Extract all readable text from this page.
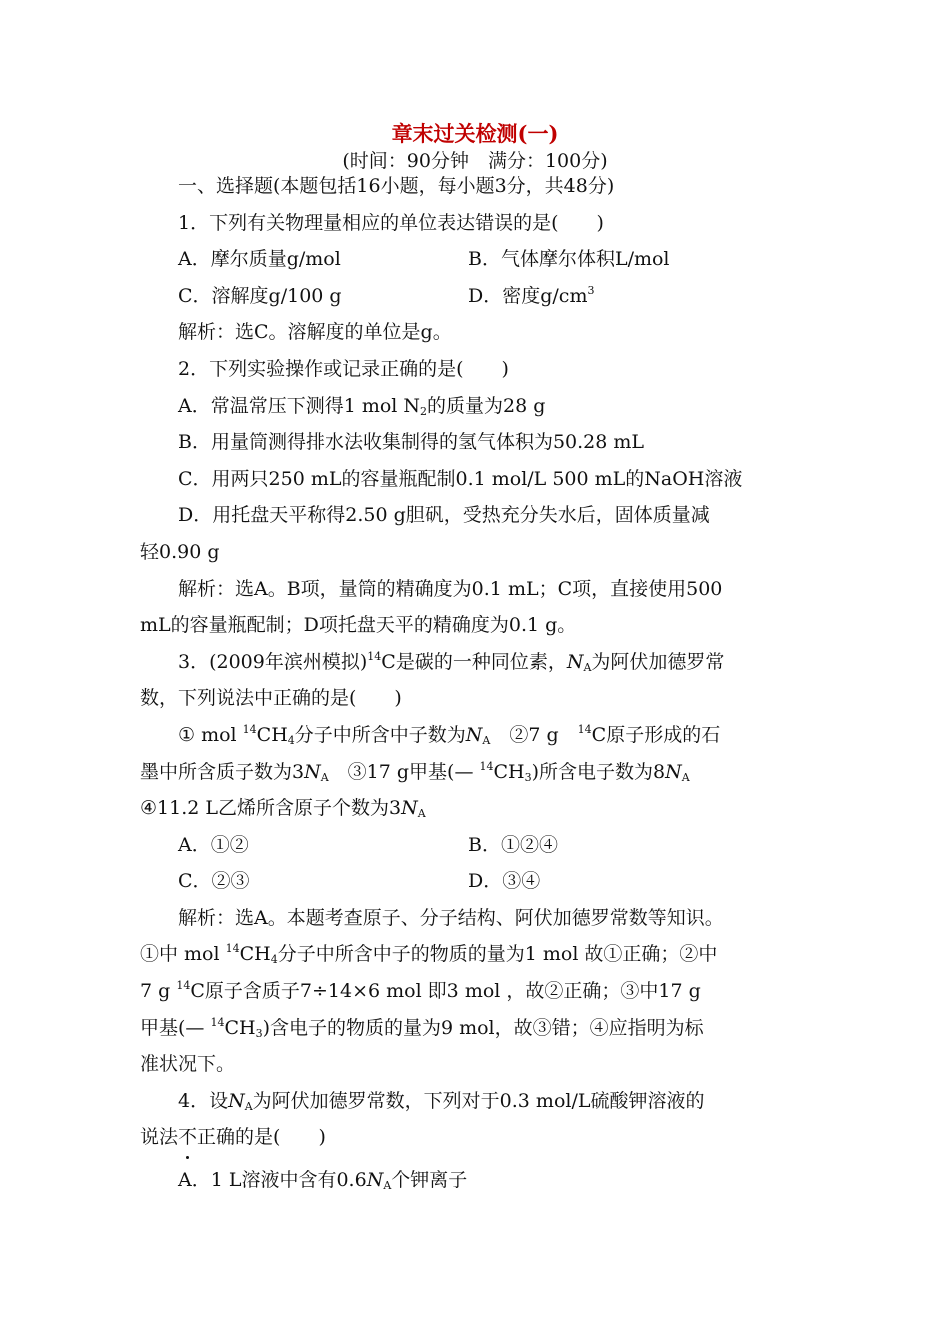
章末过关检测(一)
(时间：90分钟　满分：100分)

一、选择题(本题包括16小题，每小题3分，共48分)

1．下列有关物理量相应的单位表达错误的是(　　)

A．摩尔质量g/mol	B．气体摩尔体积L/mol
C．溶解度g/100 g	D．密度$g/cm^3$

解析：选C。溶解度的单位是g。

2．下列实验操作或记录正确的是(　　)

A．常温常压下测得1 mol $N_2$的质量为28 g

B．用量筒测得排水法收集制得的氢气体积为50.28 mL

C．用两只250 mL的容量瓶配制0.1 mol/L 500 mL的NaOH溶液

D．用托盘天平称得2.50 g胆矾，受热充分失水后，固体质量减

轻0.90 g

解析：选A。B项，量筒的精确度为0.1 mL；C项，直接使用500

mL的容量瓶配制；D项托盘天平的精确度为0.1 g。

3．(2009年滨州模拟)$^{14}$C是碳的一种同位素，$N_A$为阿伏加德罗常

数，下列说法中正确的是(　　)

① mol $^{14}CH_4$分子中所含中子数为$N_A$　②7 g　$^{14}$C原子形成的石

墨中所含质子数为$3N_A$　③17 g甲基(— $^{14}CH_3$)所含电子数为$8N_A$

④11.2 L乙烯所含原子个数为$3N_A$

A．①②	B．①②④
C．②③	D．③④

解析：选A。本题考查原子、分子结构、阿伏加德罗常数等知识。

①中 mol $^{14}CH_4$分子中所含中子的物质的量为1 mol 故①正确；②中

7 g $^{14}$C原子含质子7÷14×6 mol 即3 mol ，故②正确；③中17 g

甲基(— $^{14}CH_3$)含电子的物质的量为9 mol，故③错；④应指明为标

准状况下。

4．设$N_A$为阿伏加德罗常数，下列对于0.3 mol/L硫酸钾溶液的

说法不正确的是(　　)

A．1 L溶液中含有$0.6N_A$个钾离子
